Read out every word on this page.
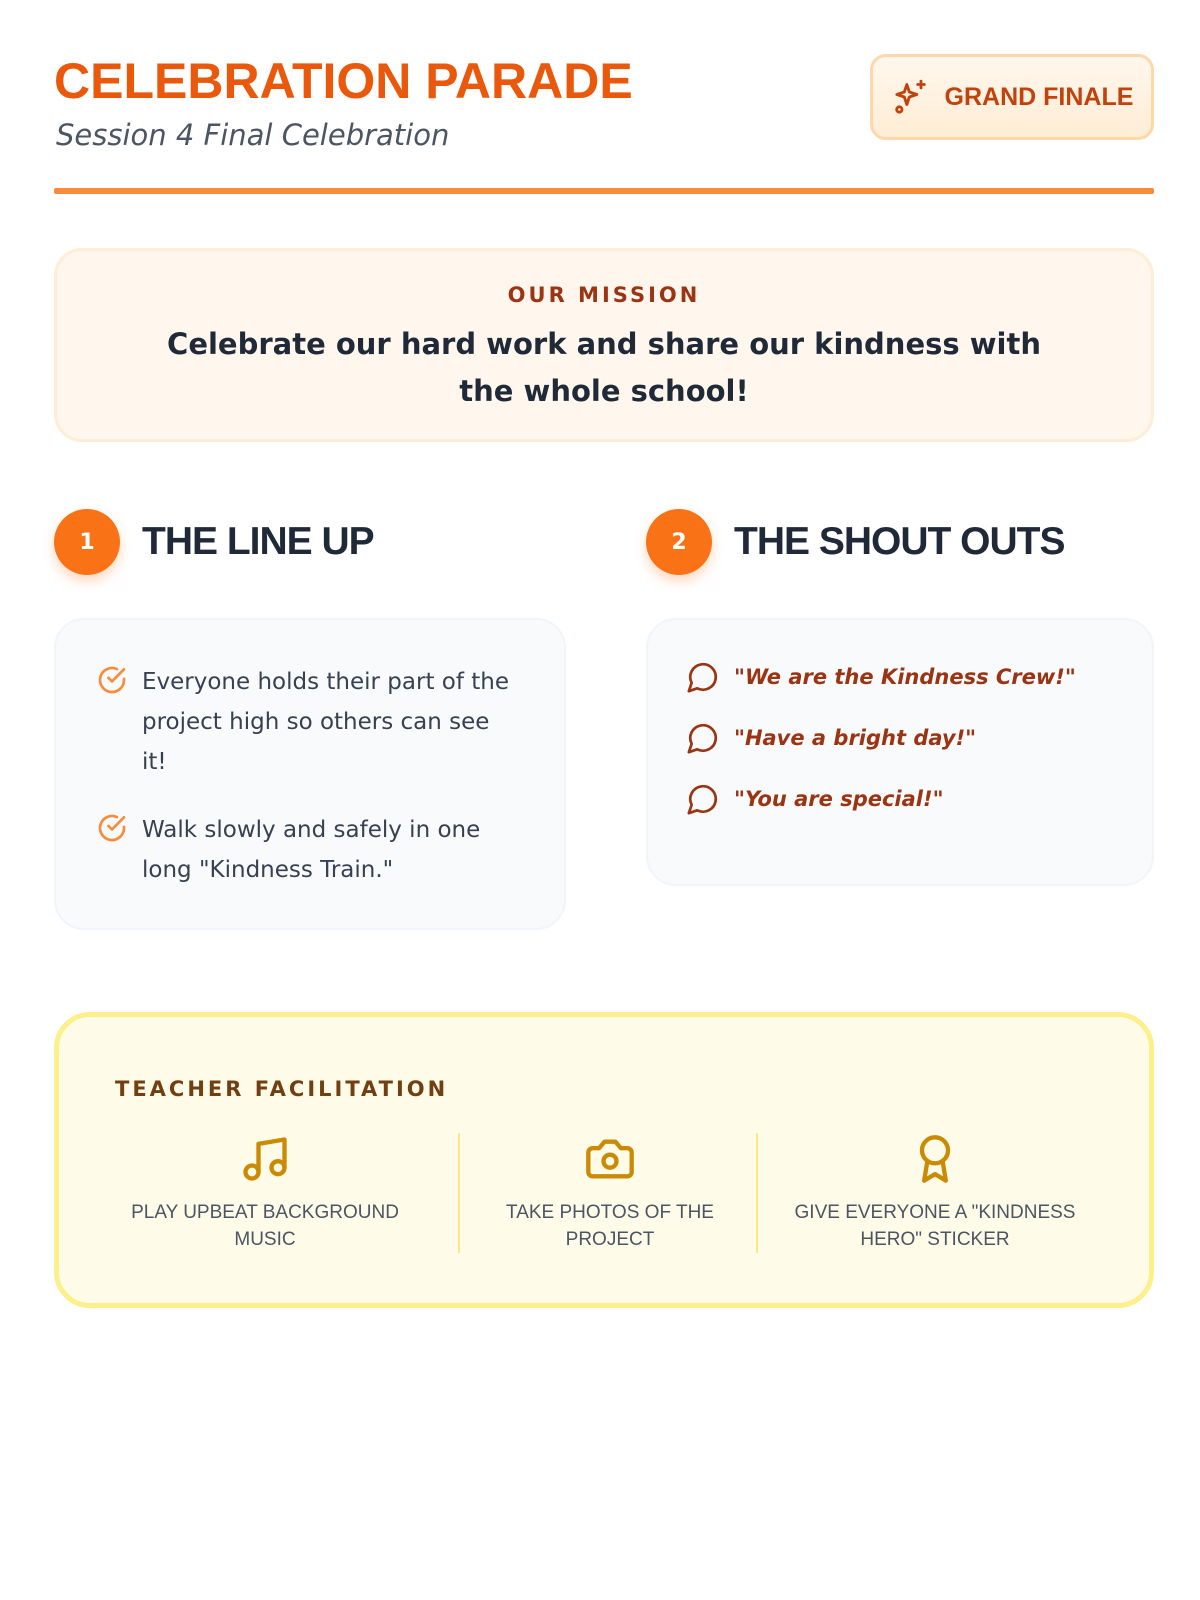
CELEBRATION PARADE
Session 4 Final Celebration
GRAND FINALE
OUR MISSION
Celebrate our hard work and share our kindness with the whole school!
1	THE LINE UP
Everyone holds their part of the project high so others can see it!
Walk slowly and safely in one long "Kindness Train."
2	THE SHOUT OUTS
"We are the Kindness Crew!"
"Have a bright day!"
"You are special!"
TEACHER FACILITATION
PLAY UPBEAT BACKGROUND MUSIC
TAKE PHOTOS OF THE PROJECT
GIVE EVERYONE A "KINDNESS HERO" STICKER
